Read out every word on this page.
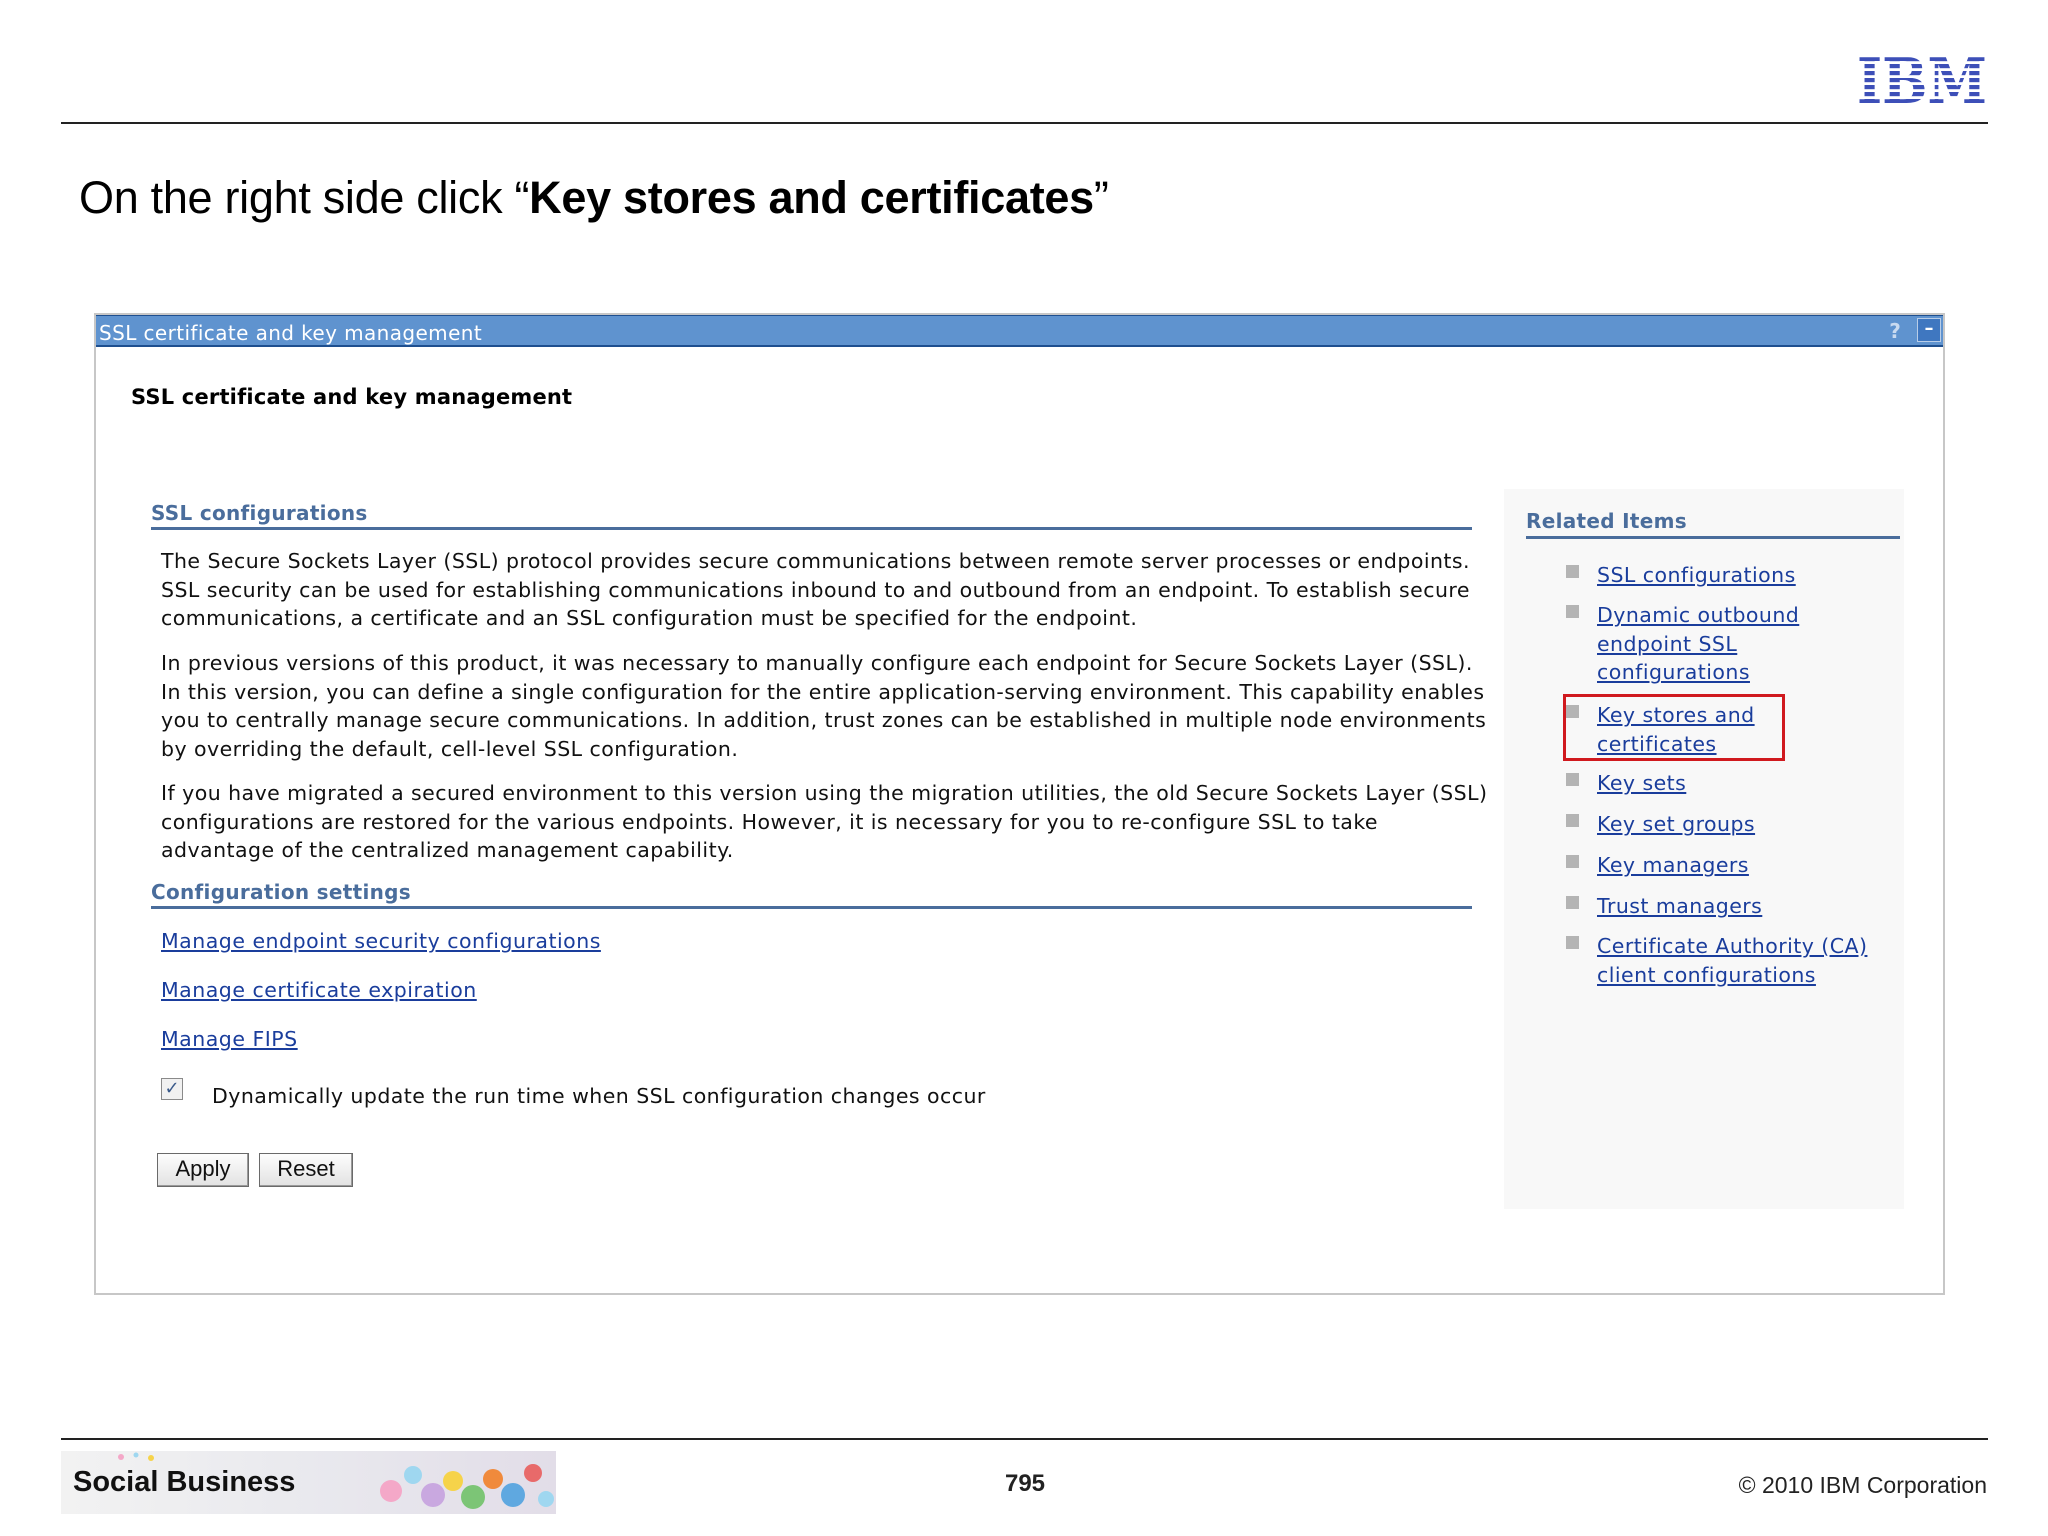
IBM
On the right side click “Key stores and certificates”
SSL certificate and key management	?	–
SSL certificate and key management
SSL configurations
The Secure Sockets Layer (SSL) protocol provides secure communications between remote server processes or endpoints. SSL security can be used for establishing communications inbound to and outbound from an endpoint. To establish secure communications, a certificate and an SSL configuration must be specified for the endpoint.
In previous versions of this product, it was necessary to manually configure each endpoint for Secure Sockets Layer (SSL). In this version, you can define a single configuration for the entire application-serving environment. This capability enables you to centrally manage secure communications. In addition, trust zones can be established in multiple node environments by overriding the default, cell-level SSL configuration.
If you have migrated a secured environment to this version using the migration utilities, the old Secure Sockets Layer (SSL) configurations are restored for the various endpoints. However, it is necessary for you to re-configure SSL to take advantage of the centralized management capability.
Configuration settings
Manage endpoint security configurations
Manage certificate expiration
Manage FIPS
✓ Dynamically update the run time when SSL configuration changes occur
Apply	Reset
Related Items
SSL configurations
Dynamic outbound endpoint SSL configurations
Key stores and certificates
Key sets
Key set groups
Key managers
Trust managers
Certificate Authority (CA) client configurations
Social Business	795	© 2010 IBM Corporation
